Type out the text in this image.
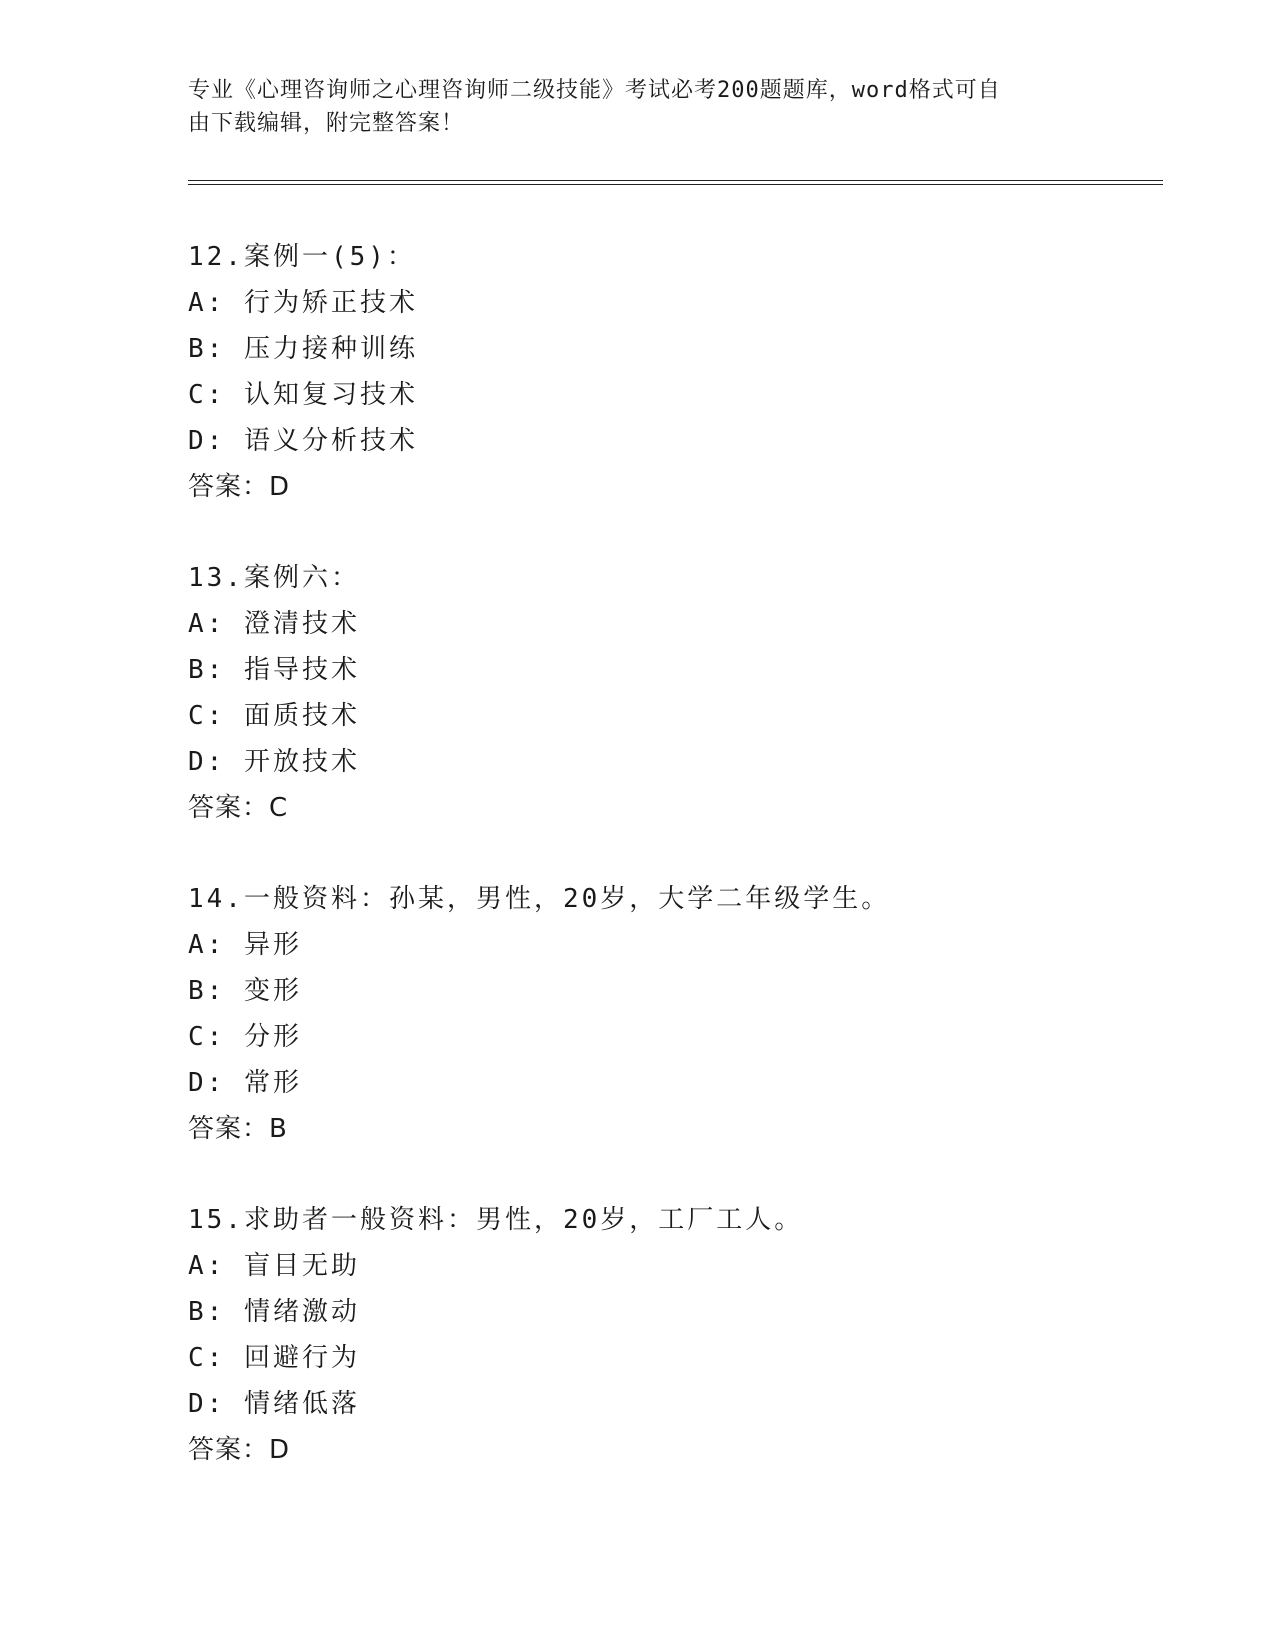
专业《心理咨询师之心理咨询师二级技能》考试必考200题题库，word格式可自
由下载编辑，附完整答案！
12.案例一(5)：
A: 行为矫正技术
B: 压力接种训练
C: 认知复习技术
D: 语义分析技术
答案：D
13.案例六：
A: 澄清技术
B: 指导技术
C: 面质技术
D: 开放技术
答案：C
14.一般资料：孙某，男性，20岁，大学二年级学生。
A: 异形
B: 变形
C: 分形
D: 常形
答案：B
15.求助者一般资料：男性，20岁，工厂工人。
A: 盲目无助
B: 情绪激动
C: 回避行为
D: 情绪低落
答案：D
